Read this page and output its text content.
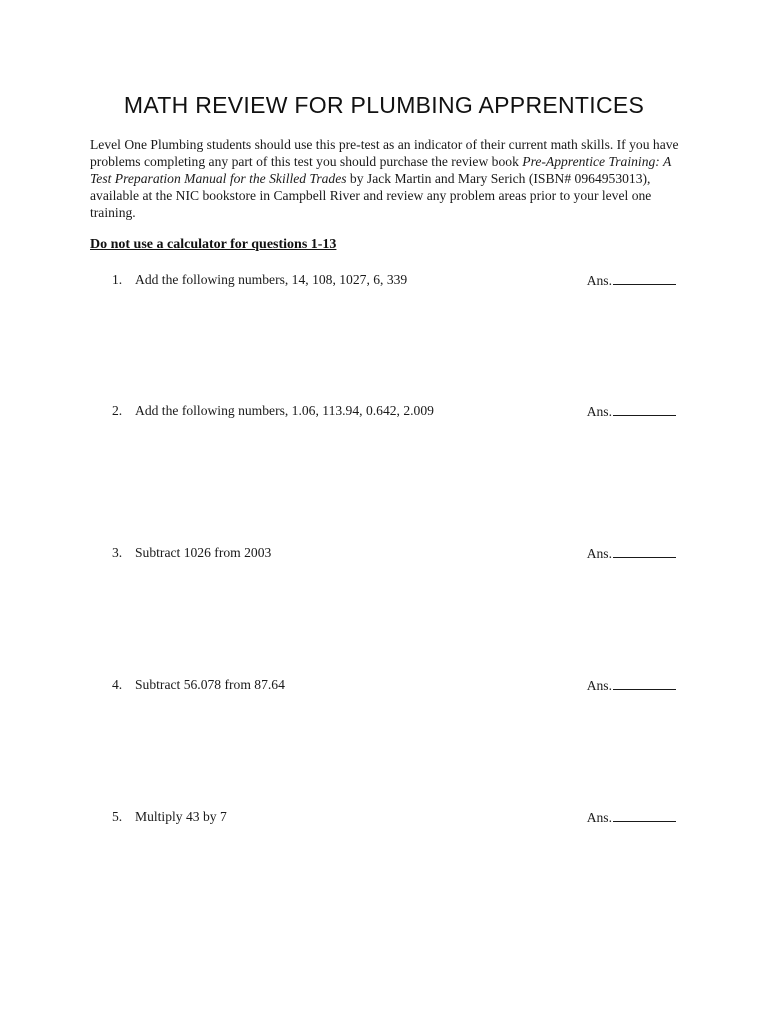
MATH REVIEW FOR PLUMBING APPRENTICES

Level One Plumbing students should use this pre-test as an indicator of their current math skills. If you have problems completing any part of this test you should purchase the review book Pre-Apprentice Training: A Test Preparation Manual for the Skilled Trades by Jack Martin and Mary Serich (ISBN# 0964953013), available at the NIC bookstore in Campbell River and review any problem areas prior to your level one training.

Do not use a calculator for questions 1-13

1. Add the following numbers, 14, 108, 1027, 6, 339	Ans.
2. Add the following numbers, 1.06, 113.94, 0.642, 2.009	Ans.
3. Subtract 1026 from 2003	Ans.
4. Subtract 56.078 from 87.64	Ans.
5. Multiply 43 by 7	Ans.
